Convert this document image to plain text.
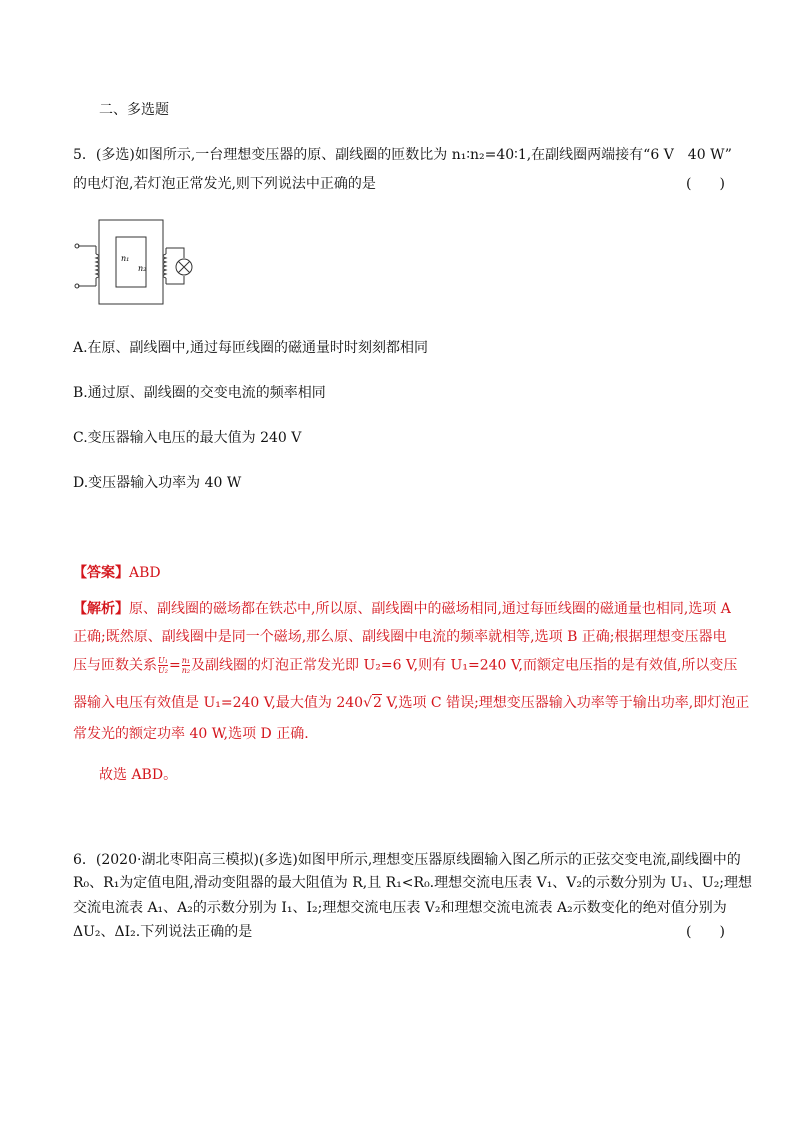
二、多选题
5．(多选)如图所示,一台理想变压器的原、副线圈的匝数比为 n₁∶n₂=40∶1,在副线圈两端接有“6 V　40 W”
的电灯泡,若灯泡正常发光,则下列说法中正确的是	(　　)
n₁
n₂
A.在原、副线圈中,通过每匝线圈的磁通量时时刻刻都相同
B.通过原、副线圈的交变电流的频率相同
C.变压器输入电压的最大值为 240 V
D.变压器输入功率为 40 W
【答案】ABD
【解析】原、副线圈的磁场都在铁芯中,所以原、副线圈中的磁场相同,通过每匝线圈的磁通量也相同,选项 A
正确;既然原、副线圈中是同一个磁场,那么原、副线圈中电流的频率就相等,选项 B 正确;根据理想变压器电
压与匝数关系 $\frac{\text{U₁}}{\text{U₂}} = \frac{\text{n₁}}{\text{n₂}}$ 及副线圈的灯泡正常发光即 U₂=6 V,则有 U₁=240 V,而额定电压指的是有效值,所以变压
器输入电压有效值是 U₁=240 V,最大值为 240√2 V,选项 C 错误;理想变压器输入功率等于输出功率,即灯泡正
常发光的额定功率 40 W,选项 D 正确.
故选 ABD。
6．(2020·湖北枣阳高三模拟)(多选)如图甲所示,理想变压器原线圈输入图乙所示的正弦交变电流,副线圈中的
R₀、R₁为定值电阻,滑动变阻器的最大阻值为 R,且 R₁<R₀.理想交流电压表 V₁、V₂的示数分别为 U₁、U₂;理想
交流电流表 A₁、A₂的示数分别为 I₁、I₂;理想交流电压表 V₂和理想交流电流表 A₂示数变化的绝对值分别为
ΔU₂、ΔI₂.下列说法正确的是	(　　)
